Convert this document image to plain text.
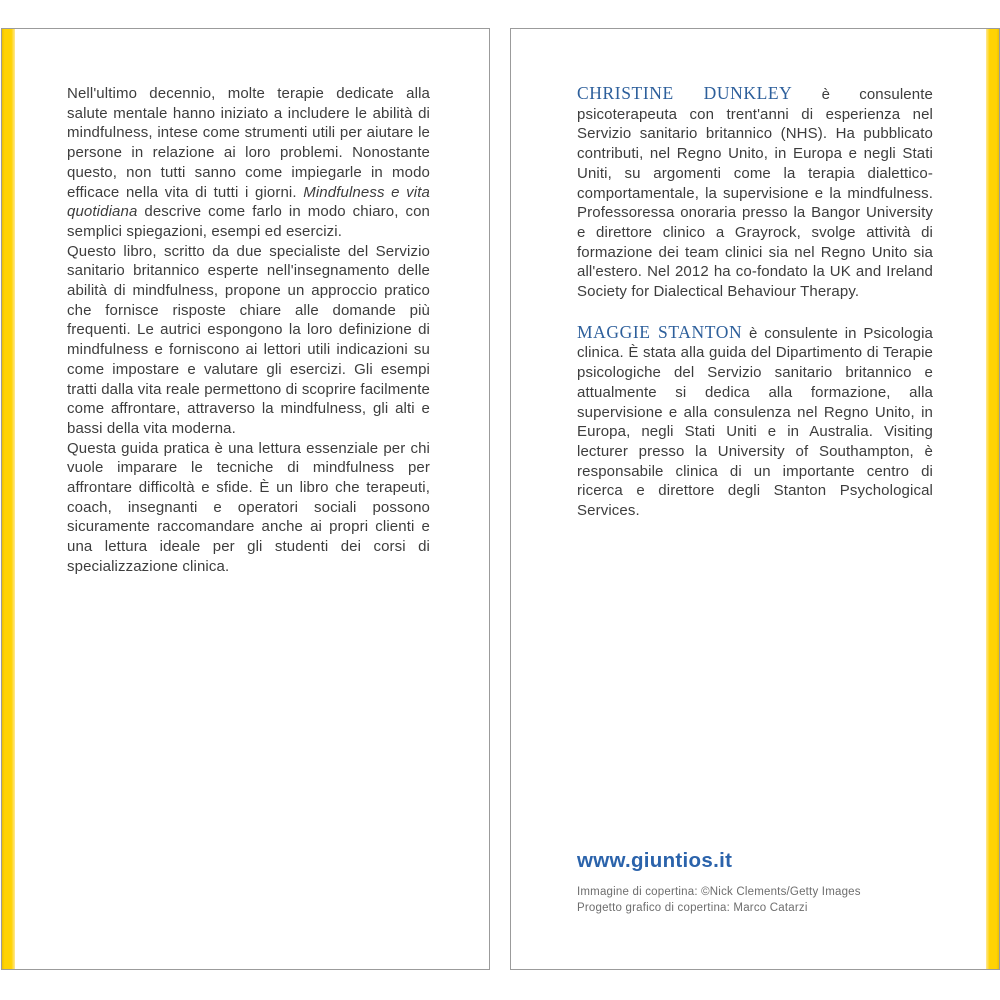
Nell'ultimo decennio, molte terapie dedicate alla salute mentale hanno iniziato a includere le abilità di mindfulness, intese come strumenti utili per aiutare le persone in relazione ai loro problemi. Nonostante questo, non tutti sanno come impiegarle in modo efficace nella vita di tutti i giorni. Mindfulness e vita quotidiana descrive come farlo in modo chiaro, con semplici spiegazioni, esempi ed esercizi.

Questo libro, scritto da due specialiste del Servizio sanitario britannico esperte nell'insegnamento delle abilità di mindfulness, propone un approccio pratico che fornisce risposte chiare alle domande più frequenti. Le autrici espongono la loro definizione di mindfulness e forniscono ai lettori utili indicazioni su come impostare e valutare gli esercizi. Gli esempi tratti dalla vita reale permettono di scoprire facilmente come affrontare, attraverso la mindfulness, gli alti e bassi della vita moderna.

Questa guida pratica è una lettura essenziale per chi vuole imparare le tecniche di mindfulness per affrontare difficoltà e sfide. È un libro che terapeuti, coach, insegnanti e operatori sociali possono sicuramente raccomandare anche ai propri clienti e una lettura ideale per gli studenti dei corsi di specializzazione clinica.

CHRISTINE DUNKLEY è consulente psicoterapeuta con trent'anni di esperienza nel Servizio sanitario britannico (NHS). Ha pubblicato contributi, nel Regno Unito, in Europa e negli Stati Uniti, su argomenti come la terapia dialettico-comportamentale, la supervisione e la mindfulness. Professoressa onoraria presso la Bangor University e direttore clinico a Grayrock, svolge attività di formazione dei team clinici sia nel Regno Unito sia all'estero. Nel 2012 ha co-fondato la UK and Ireland Society for Dialectical Behaviour Therapy.

MAGGIE STANTON è consulente in Psicologia clinica. È stata alla guida del Dipartimento di Terapie psicologiche del Servizio sanitario britannico e attualmente si dedica alla formazione, alla supervisione e alla consulenza nel Regno Unito, in Europa, negli Stati Uniti e in Australia. Visiting lecturer presso la University of Southampton, è responsabile clinica di un importante centro di ricerca e direttore degli Stanton Psychological Services.

www.giuntios.it
Immagine di copertina: ©Nick Clements/Getty Images
Progetto grafico di copertina: Marco Catarzi
